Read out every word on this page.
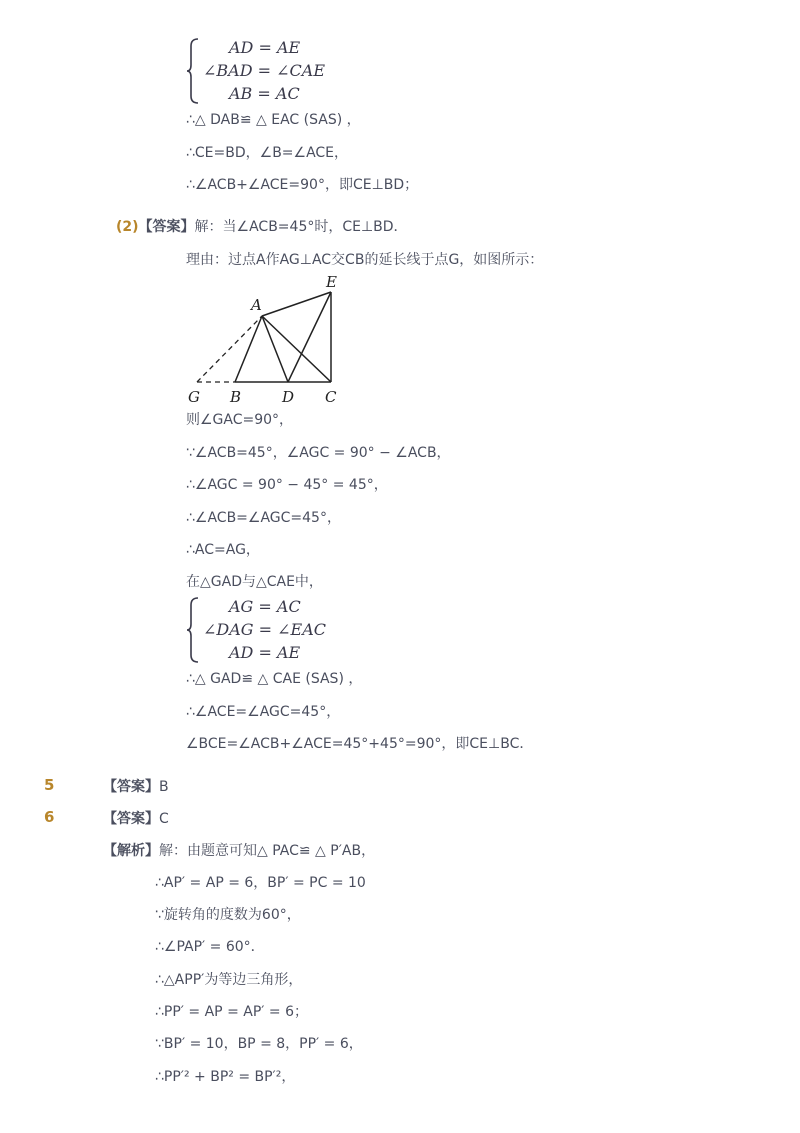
AD = AE
∠BAD = ∠CAE
AB = AC
∴△ DAB≌ △ EAC (SAS) ，
∴CE=BD，∠B=∠ACE，
∴∠ACB+∠ACE=90°，即CE⊥BD；
(2)【答案】解：当∠ACB=45°时，CE⊥BD．
理由：过点A作AG⊥AC交CB的延长线于点G，如图所示：
A
E
G B	D C
则∠GAC=90°，
∵∠ACB=45°，∠AGC = 90° − ∠ACB，
∴∠AGC = 90° − 45° = 45°，
∴∠ACB=∠AGC=45°，
∴AC=AG，
在△GAD与△CAE中，
AG = AC
∠DAG = ∠EAC
AD = AE
∴△ GAD≌ △ CAE (SAS) ，
∴∠ACE=∠AGC=45°，
∠BCE=∠ACB+∠ACE=45°+45°=90°，即CE⊥BC．
5	【答案】B
6	【答案】C
【解析】解：由题意可知△ PAC≌ △ P′AB，
∴AP′ = AP = 6，BP′ = PC = 10
∵旋转角的度数为60°，
∴∠PAP′ = 60°．
∴△APP′为等边三角形，
∴PP′ = AP = AP′ = 6；
∵BP′ = 10，BP = 8，PP′ = 6，
∴PP′² + BP² = BP′²，
